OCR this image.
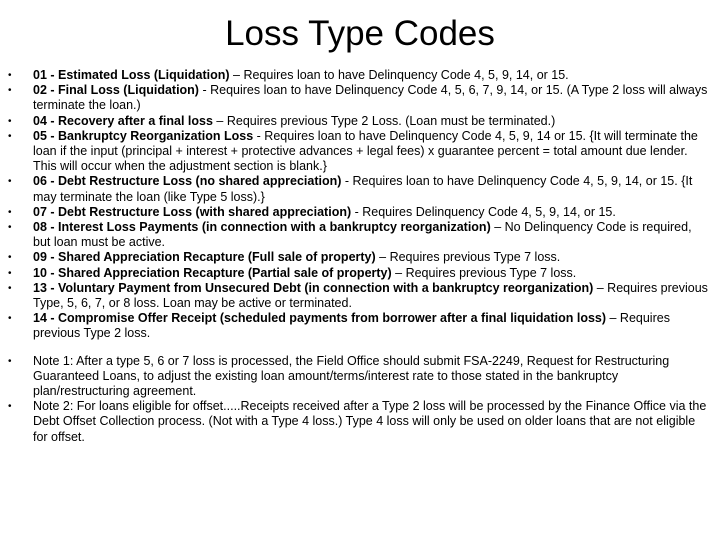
Loss Type Codes
• 01 - Estimated Loss (Liquidation) – Requires loan to have Delinquency Code 4, 5, 9, 14, or 15.
• 02 - Final Loss (Liquidation) - Requires loan to have Delinquency Code 4, 5, 6, 7, 9, 14, or 15. (A Type 2 loss will always terminate the loan.)
• 04 - Recovery after a final loss – Requires previous Type 2 Loss. (Loan must be terminated.)
• 05 - Bankruptcy Reorganization Loss - Requires loan to have Delinquency Code 4, 5, 9, 14 or 15. {It will terminate the loan if the input (principal + interest + protective advances + legal fees) x guarantee percent = total amount due lender. This will occur when the adjustment section is blank.}
• 06 - Debt Restructure Loss (no shared appreciation) - Requires loan to have Delinquency Code 4, 5, 9, 14, or 15. {It may terminate the loan (like Type 5 loss).}
• 07 - Debt Restructure Loss (with shared appreciation) - Requires Delinquency Code 4, 5, 9, 14, or 15.
• 08 - Interest Loss Payments (in connection with a bankruptcy reorganization) – No Delinquency Code is required, but loan must be active.
• 09 - Shared Appreciation Recapture (Full sale of property) – Requires previous Type 7 loss.
• 10 - Shared Appreciation Recapture (Partial sale of property) – Requires previous Type 7 loss.
• 13 - Voluntary Payment from Unsecured Debt (in connection with a bankruptcy reorganization) – Requires previous Type, 5, 6, 7, or 8 loss. Loan may be active or terminated.
• 14 - Compromise Offer Receipt (scheduled payments from borrower after a final liquidation loss) – Requires previous Type 2 loss.
• Note 1: After a type 5, 6 or 7 loss is processed, the Field Office should submit FSA-2249, Request for Restructuring Guaranteed Loans, to adjust the existing loan amount/terms/interest rate to those stated in the bankruptcy plan/restructuring agreement.
• Note 2: For loans eligible for offset.....Receipts received after a Type 2 loss will be processed by the Finance Office via the Debt Offset Collection process. (Not with a Type 4 loss.) Type 4 loss will only be used on older loans that are not eligible for offset.
